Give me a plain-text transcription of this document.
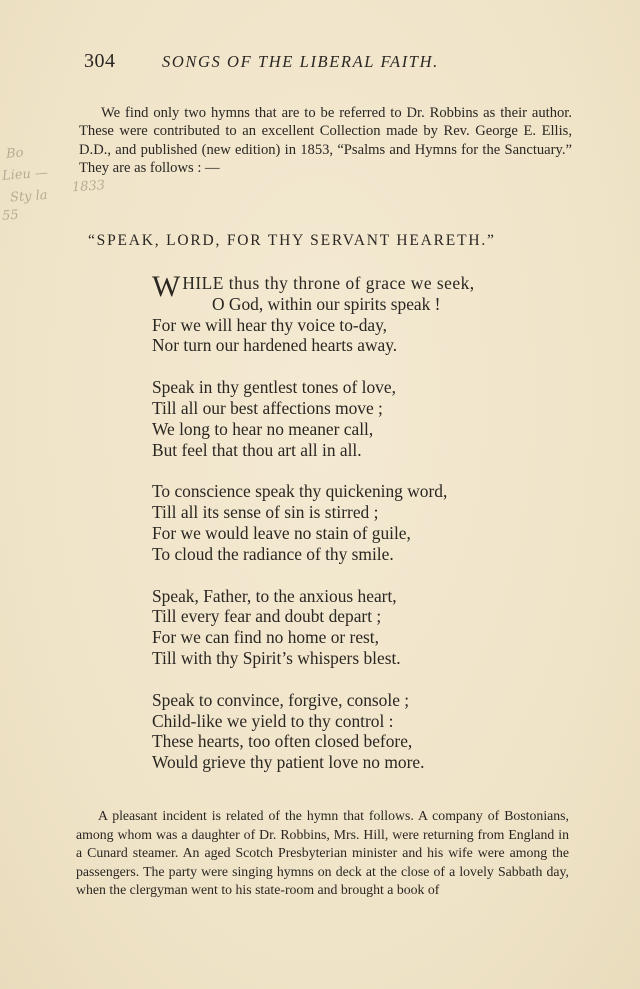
304	SONGS OF THE LIBERAL FAITH.
Bo
Lieu —
Sty la
1833
55

We find only two hymns that are to be referred to Dr. Robbins as their author. These were contributed to an excellent Collection made by Rev. George E. Ellis, D.D., and published (new edition) in 1853, “Psalms and Hymns for the Sanctuary.” They are as follows : —

“SPEAK, LORD, FOR THY SERVANT HEARETH.”
W HILE thus thy throne of grace we seek,
O God, within our spirits speak !
For we will hear thy voice to-day,
Nor turn our hardened hearts away.
Speak in thy gentlest tones of love,
Till all our best affections move ;
We long to hear no meaner call,
But feel that thou art all in all.
To conscience speak thy quickening word,
Till all its sense of sin is stirred ;
For we would leave no stain of guile,
To cloud the radiance of thy smile.
Speak, Father, to the anxious heart,
Till every fear and doubt depart ;
For we can find no home or rest,
Till with thy Spirit’s whispers blest.
Speak to convince, forgive, console ;
Child-like we yield to thy control :
These hearts, too often closed before,
Would grieve thy patient love no more.

A pleasant incident is related of the hymn that follows. A company of Bostonians, among whom was a daughter of Dr. Robbins, Mrs. Hill, were returning from England in a Cunard steamer. An aged Scotch Presbyterian minister and his wife were among the passengers. The party were singing hymns on deck at the close of a lovely Sabbath day, when the clergyman went to his state-room and brought a book of
